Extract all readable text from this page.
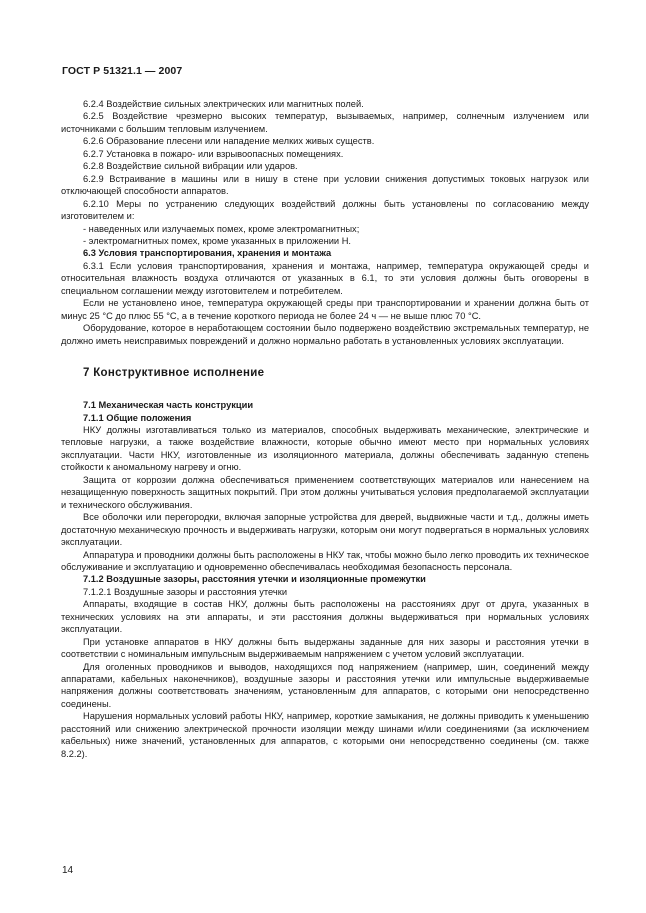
ГОСТ Р 51321.1 — 2007

6.2.4 Воздействие сильных электрических или магнитных полей.

6.2.5 Воздействие чрезмерно высоких температур, вызываемых, например, солнечным излучением или источниками с большим тепловым излучением.

6.2.6 Образование плесени или нападение мелких живых существ.

6.2.7 Установка в пожаро- или взрывоопасных помещениях.

6.2.8 Воздействие сильной вибрации или ударов.

6.2.9 Встраивание в машины или в нишу в стене при условии снижения допустимых токовых нагрузок или отключающей способности аппаратов.

6.2.10 Меры по устранению следующих воздействий должны быть установлены по согласованию между изготовителем и:

- наведенных или излучаемых помех, кроме электромагнитных;

- электромагнитных помех, кроме указанных в приложении Н.

6.3 Условия транспортирования, хранения и монтажа

6.3.1 Если условия транспортирования, хранения и монтажа, например, температура окружающей среды и относительная влажность воздуха отличаются от указанных в 6.1, то эти условия должны быть оговорены в специальном соглашении между изготовителем и потребителем.

Если не установлено иное, температура окружающей среды при транспортировании и хранении должна быть от минус 25 °С до плюс 55 °С, а в течение короткого периода не более 24 ч — не выше плюс 70 °С.

Оборудование, которое в неработающем состоянии было подвержено воздействию экстремальных температур, не должно иметь неисправимых повреждений и должно нормально работать в установленных условиях эксплуатации.

7 Конструктивное исполнение

7.1 Механическая часть конструкции

7.1.1 Общие положения

НКУ должны изготавливаться только из материалов, способных выдерживать механические, электрические и тепловые нагрузки, а также воздействие влажности, которые обычно имеют место при нормальных условиях эксплуатации. Части НКУ, изготовленные из изоляционного материала, должны обеспечивать заданную степень стойкости к аномальному нагреву и огню.

Защита от коррозии должна обеспечиваться применением соответствующих материалов или нанесением на незащищенную поверхность защитных покрытий. При этом должны учитываться условия предполагаемой эксплуатации и технического обслуживания.

Все оболочки или перегородки, включая запорные устройства для дверей, выдвижные части и т.д., должны иметь достаточную механическую прочность и выдерживать нагрузки, которым они могут подвергаться в нормальных условиях эксплуатации.

Аппаратура и проводники должны быть расположены в НКУ так, чтобы можно было легко проводить их техническое обслуживание и эксплуатацию и одновременно обеспечивалась необходимая безопасность персонала.

7.1.2 Воздушные зазоры, расстояния утечки и изоляционные промежутки

7.1.2.1 Воздушные зазоры и расстояния утечки

Аппараты, входящие в состав НКУ, должны быть расположены на расстояниях друг от друга, указанных в технических условиях на эти аппараты, и эти расстояния должны выдерживаться при нормальных условиях эксплуатации.

При установке аппаратов в НКУ должны быть выдержаны заданные для них зазоры и расстояния утечки в соответствии с номинальным импульсным выдерживаемым напряжением с учетом условий эксплуатации.

Для оголенных проводников и выводов, находящихся под напряжением (например, шин, соединений между аппаратами, кабельных наконечников), воздушные зазоры и расстояния утечки или импульсные выдерживаемые напряжения должны соответствовать значениям, установленным для аппаратов, с которыми они непосредственно соединены.

Нарушения нормальных условий работы НКУ, например, короткие замыкания, не должны приводить к уменьшению расстояний или снижению электрической прочности изоляции между шинами и/или соединениями (за исключением кабельных) ниже значений, установленных для аппаратов, с которыми они непосредственно соединены (см. также 8.2.2).

14
